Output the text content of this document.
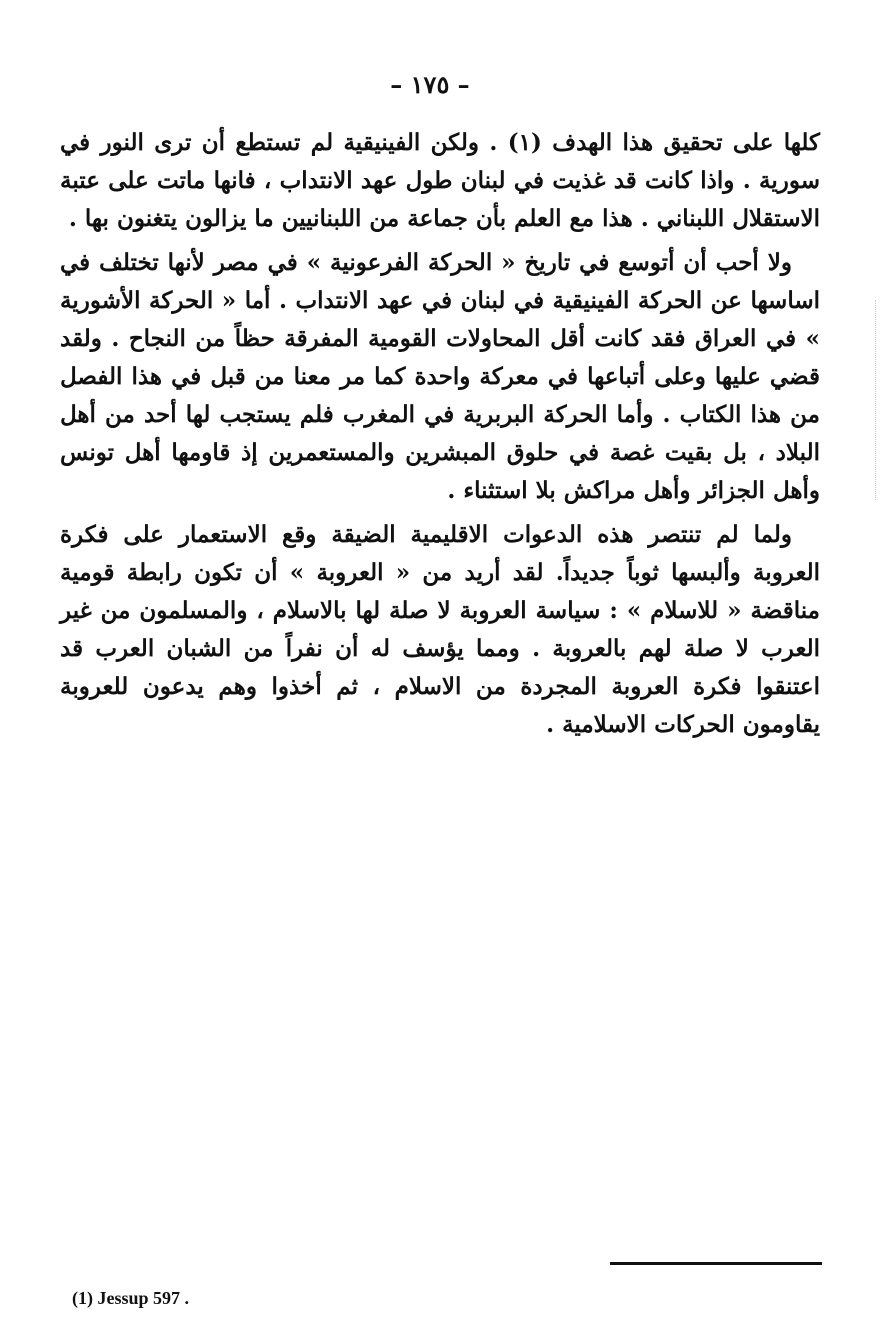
– ١٧٥ –

كلها على تحقيق هذا الهدف (١) . ولكن الفينيقية لم تستطع أن ترى النور في سورية . واذا كانت قد غذيت في لبنان طول عهد الانتداب ، فانها ماتت على عتبة الاستقلال اللبناني . هذا مع العلم بأن جماعة من اللبنانيين ما يزالون يتغنون بها .

ولا أحب أن أتوسع في تاريخ « الحركة الفرعونية » في مصر لأنها تختلف في اساسها عن الحركة الفينيقية في لبنان في عهد الانتداب . أما « الحركة الأشورية » في العراق فقد كانت أقل المحاولات القومية المفرقة حظاً من النجاح . ولقد قضي عليها وعلى أتباعها في معركة واحدة كما مر معنا من قبل في هذا الفصل من هذا الكتاب . وأما الحركة البربرية في المغرب فلم يستجب لها أحد من أهل البلاد ، بل بقيت غصة في حلوق المبشرين والمستعمرين إذ قاومها أهل تونس وأهل الجزائر وأهل مراكش بلا استثناء .

ولما لم تنتصر هذه الدعوات الاقليمية الضيقة وقع الاستعمار على فكرة العروبة وألبسها ثوباً جديداً. لقد أريد من « العروبة » أن تكون رابطة قومية مناقضة « للاسلام » : سياسة العروبة لا صلة لها بالاسلام ، والمسلمون من غير العرب لا صلة لهم بالعروبة . ومما يؤسف له أن نفراً من الشبان العرب قد اعتنقوا فكرة العروبة المجردة من الاسلام ، ثم أخذوا وهم يدعون للعروبة يقاومون الحركات الاسلامية .

(1) Jessup 597 .
